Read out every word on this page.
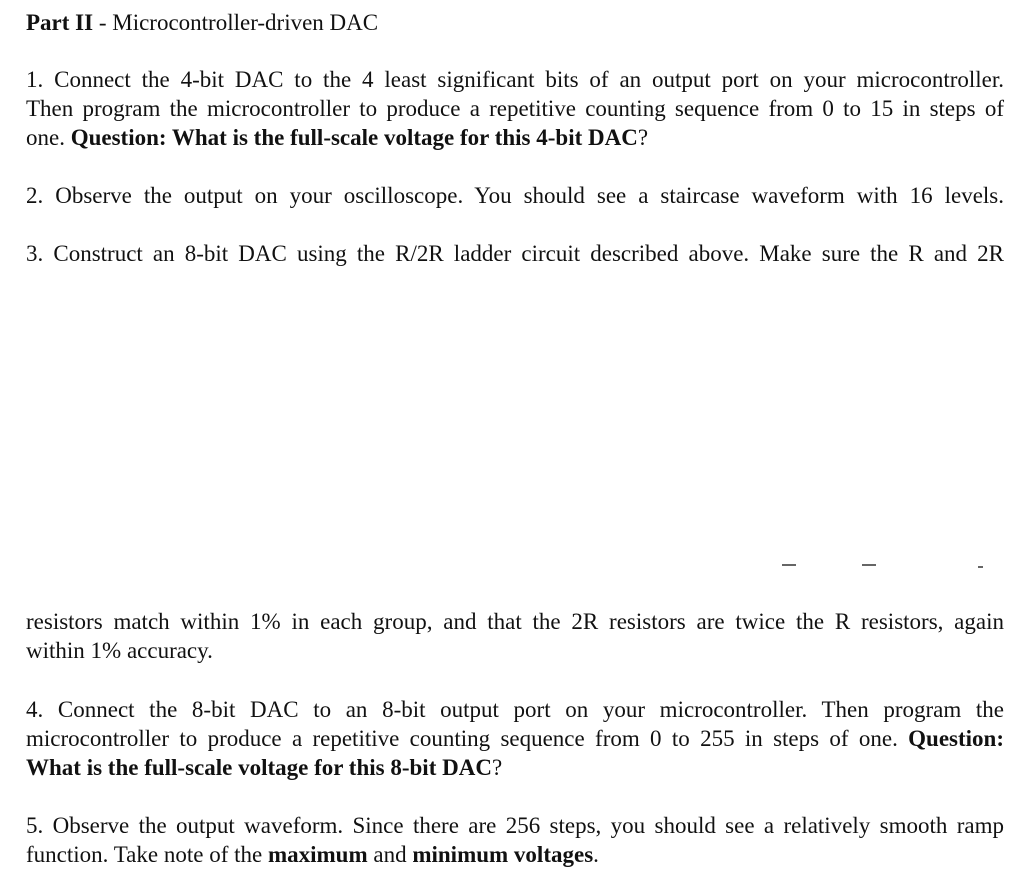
Part II - Microcontroller-driven DAC
1. Connect the 4-bit DAC to the 4 least significant bits of an output port on your microcontroller.
Then program the microcontroller to produce a repetitive counting sequence from 0 to 15 in steps of
one. Question: What is the full-scale voltage for this 4-bit DAC?
2. Observe the output on your oscilloscope. You should see a staircase waveform with 16 levels.
3. Construct an 8-bit DAC using the R/2R ladder circuit described above. Make sure the R and 2R
resistors match within 1% in each group, and that the 2R resistors are twice the R resistors, again
within 1% accuracy.
4. Connect the 8-bit DAC to an 8-bit output port on your microcontroller. Then program the
microcontroller to produce a repetitive counting sequence from 0 to 255 in steps of one. Question:
What is the full-scale voltage for this 8-bit DAC?
5. Observe the output waveform. Since there are 256 steps, you should see a relatively smooth ramp
function. Take note of the maximum and minimum voltages.
